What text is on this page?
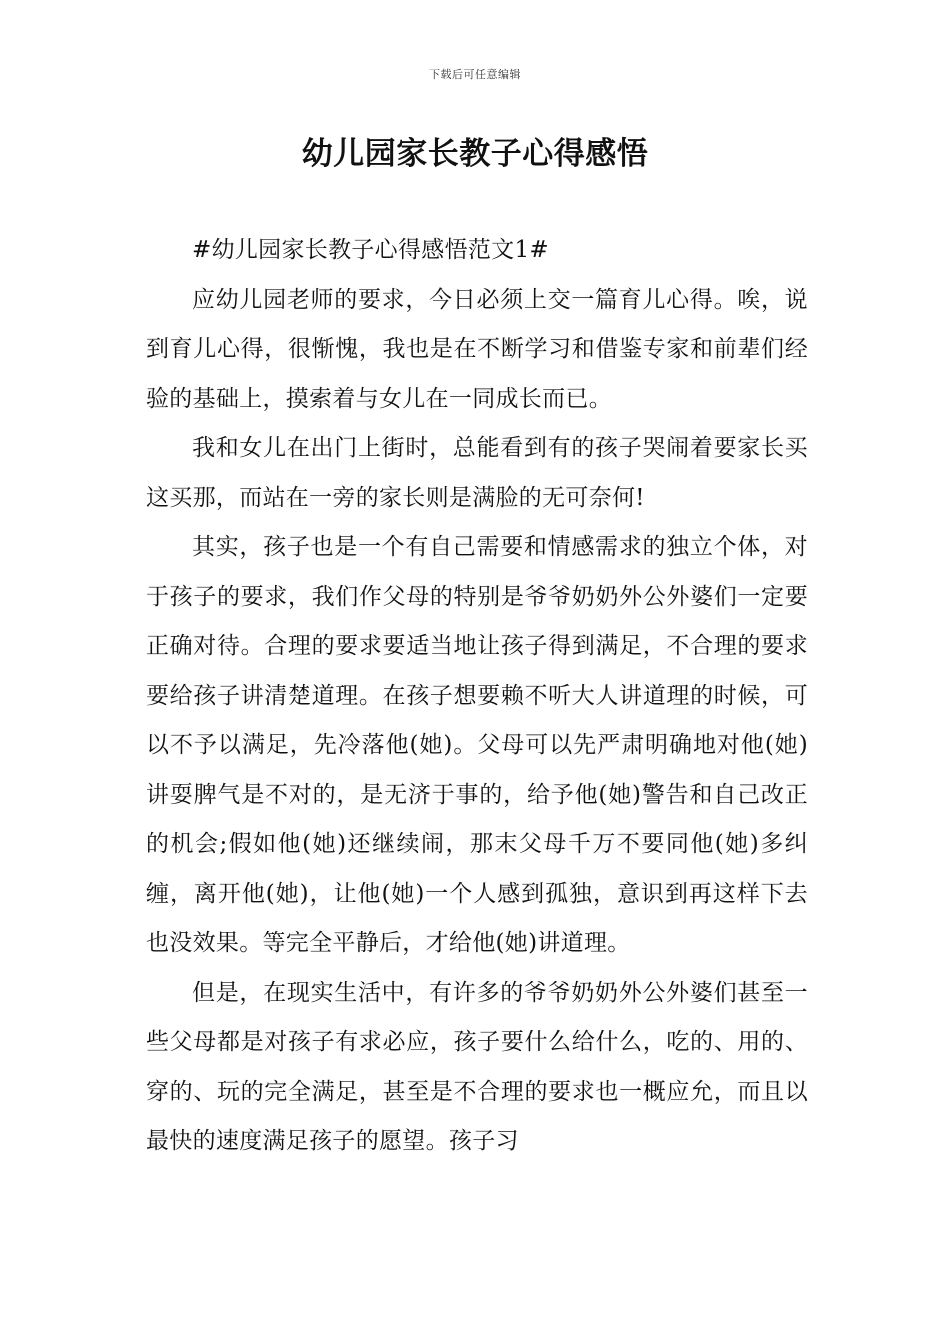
下载后可任意编辑
幼儿园家长教子心得感悟

#幼儿园家长教子心得感悟范文1#

应幼儿园老师的要求，今日必须上交一篇育儿心得。唉，说到育儿心得，很惭愧，我也是在不断学习和借鉴专家和前辈们经验的基础上，摸索着与女儿在一同成长而已。

我和女儿在出门上街时，总能看到有的孩子哭闹着要家长买这买那，而站在一旁的家长则是满脸的无可奈何!

其实，孩子也是一个有自己需要和情感需求的独立个体，对于孩子的要求，我们作父母的特别是爷爷奶奶外公外婆们一定要正确对待。合理的要求要适当地让孩子得到满足，不合理的要求要给孩子讲清楚道理。在孩子想要赖不听大人讲道理的时候，可以不予以满足，先冷落他(她)。父母可以先严肃明确地对他(她)讲耍脾气是不对的，是无济于事的，给予他(她)警告和自己改正的机会;假如他(她)还继续闹，那末父母千万不要同他(她)多纠缠，离开他(她)，让他(她)一个人感到孤独，意识到再这样下去也没效果。等完全平静后，才给他(她)讲道理。

但是，在现实生活中，有许多的爷爷奶奶外公外婆们甚至一些父母都是对孩子有求必应，孩子要什么给什么，吃的、用的、穿的、玩的完全满足，甚至是不合理的要求也一概应允，而且以最快的速度满足孩子的愿望。孩子习
